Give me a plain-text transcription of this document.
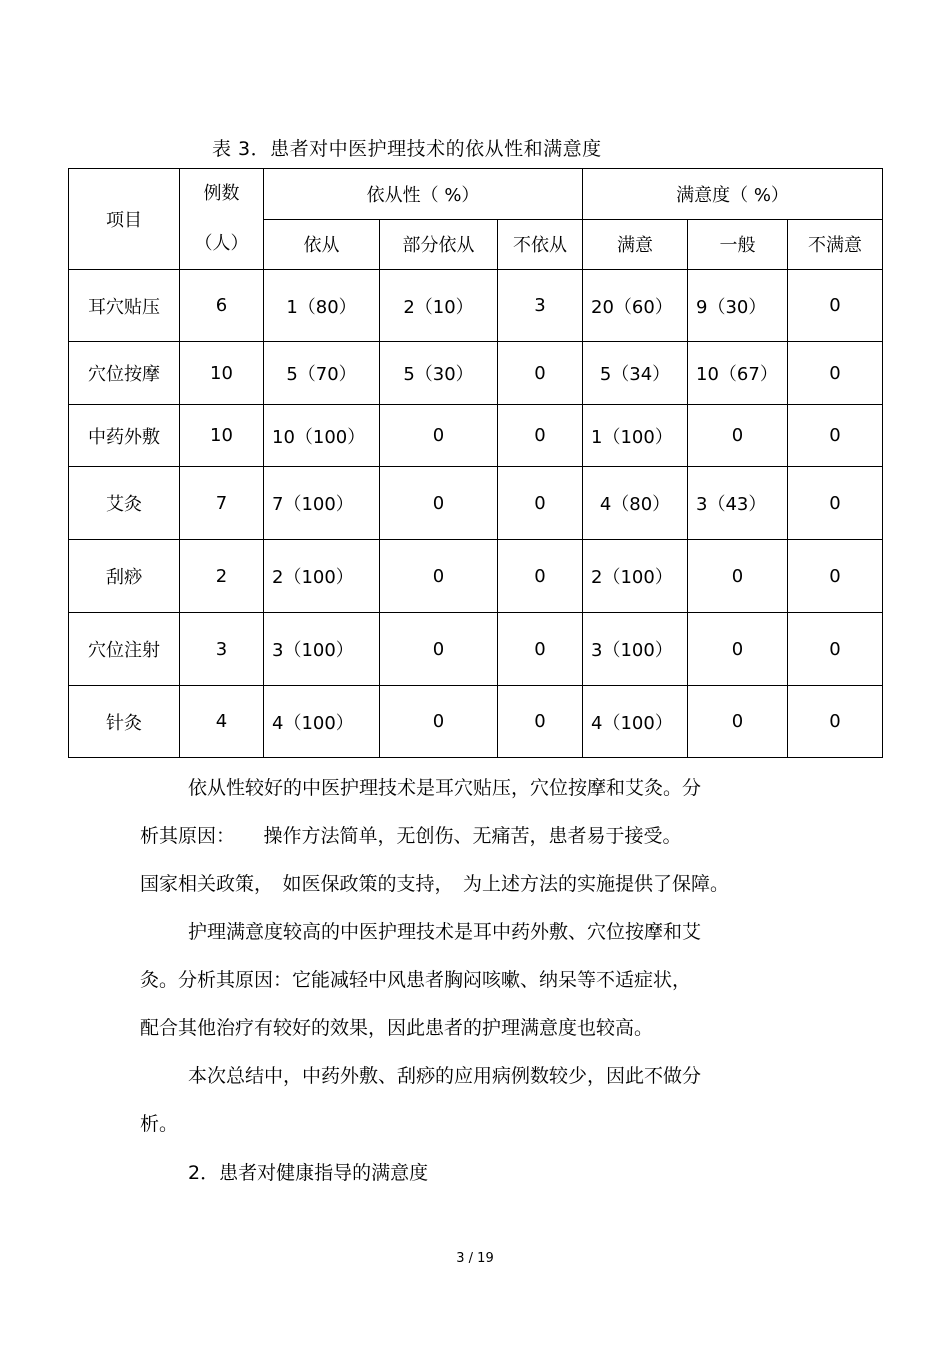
表 3．患者对中医护理技术的依从性和满意度
项目	例数
（人）	依从性（ %）			满意度（ %）		
		依从	部分依从	不依从	满意	一般	不满意
耳穴贴压	6	1（80）	2（10）	3	20（60）	9（30）	0
穴位按摩	10	5（70）	5（30）	0	5（34）	10（67）	0
中药外敷	10	10（100）	0	0	1（100）	0	0
艾灸	7	7（100）	0	0	4（80）	3（43）	0
刮痧	2	2（100）	0	0	2（100）	0	0
穴位注射	3	3（100）	0	0	3（100）	0	0
针灸	4	4（100）	0	0	4（100）	0	0
依从性较好的中医护理技术是耳穴贴压，穴位按摩和艾灸。分
析其原因：　　操作方法简单，无创伤、无痛苦，患者易于接受。
国家相关政策，　如医保政策的支持，　为上述方法的实施提供了保障。
护理满意度较高的中医护理技术是耳中药外敷、穴位按摩和艾
灸。分析其原因：它能减轻中风患者胸闷咳嗽、纳呆等不适症状，
配合其他治疗有较好的效果，因此患者的护理满意度也较高。
本次总结中，中药外敷、刮痧的应用病例数较少，因此不做分
析。
2．患者对健康指导的满意度
3 / 19
